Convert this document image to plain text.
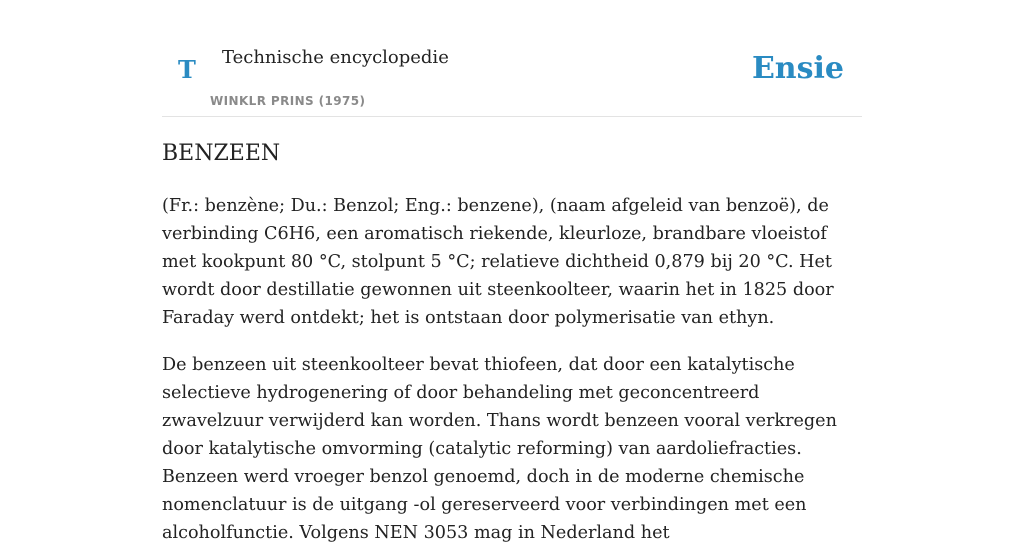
T Technische encyclopedie
WINKLR PRINS (1975)
Ensie
BENZEEN

(Fr.: benzène; Du.: Benzol; Eng.: benzene), (naam afgeleid van benzoë), de verbinding C6H6, een aromatisch riekende, kleurloze, brandbare vloeistof met kookpunt 80 °C, stolpunt 5 °C; relatieve dichtheid 0,879 bij 20 °C. Het wordt door destillatie gewonnen uit steenkoolteer, waarin het in 1825 door Faraday werd ontdekt; het is ontstaan door polymerisatie van ethyn.

De benzeen uit steenkoolteer bevat thiofeen, dat door een katalytische selectieve hydrogenering of door behandeling met geconcentreerd zwavelzuur verwijderd kan worden. Thans wordt benzeen vooral verkregen door katalytische omvorming (catalytic reforming) van aardoliefracties. Benzeen werd vroeger benzol genoemd, doch in de moderne chemische nomenclatuur is de uitgang -ol gereserveerd voor verbindingen met een alcoholfunctie. Volgens NEN 3053 mag in Nederland het
